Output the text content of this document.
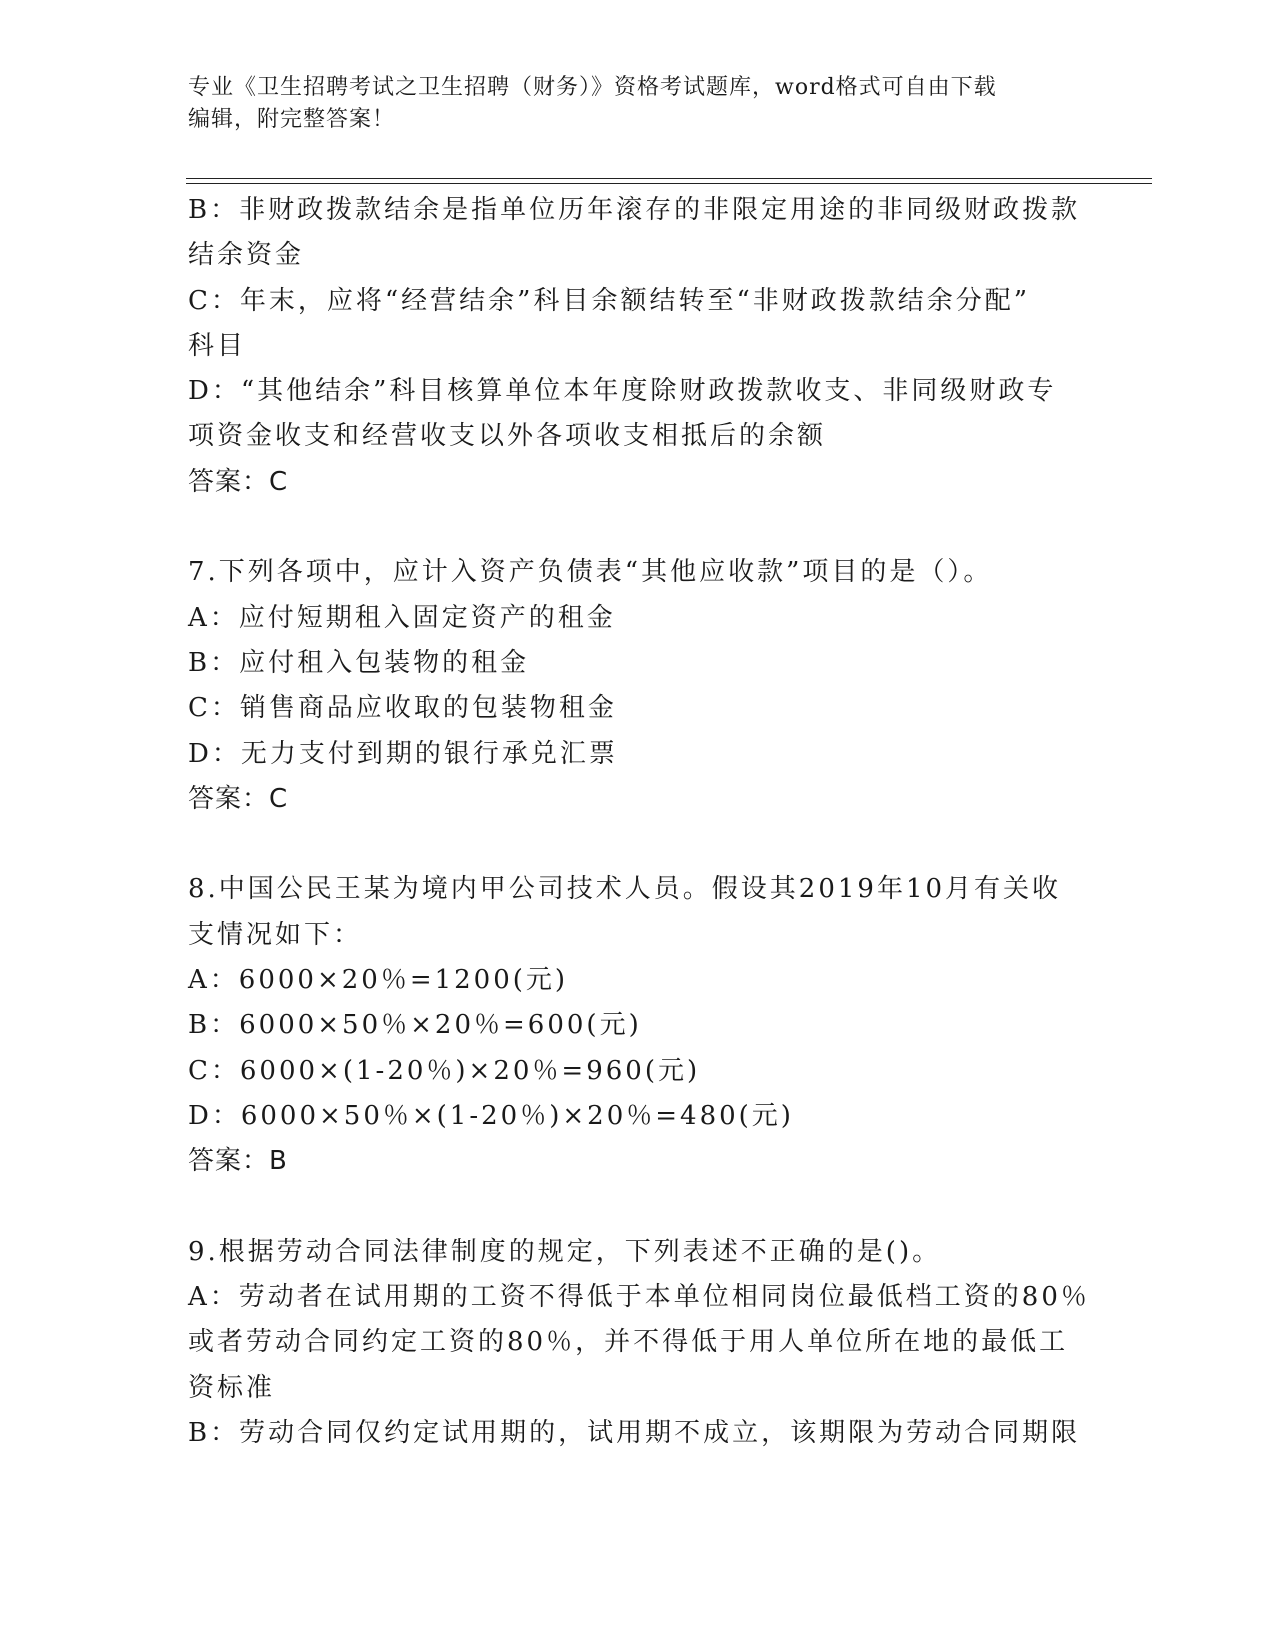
专业《卫生招聘考试之卫生招聘（财务）》资格考试题库，word格式可自由下载
编辑，附完整答案！
B：非财政拨款结余是指单位历年滚存的非限定用途的非同级财政拨款
结余资金
C：年末，应将“经营结余”科目余额结转至“非财政拨款结余分配”
科目
D：“其他结余”科目核算单位本年度除财政拨款收支、非同级财政专
项资金收支和经营收支以外各项收支相抵后的余额
答案：C
7.下列各项中，应计入资产负债表“其他应收款”项目的是（）。
A：应付短期租入固定资产的租金
B：应付租入包装物的租金
C：销售商品应收取的包装物租金
D：无力支付到期的银行承兑汇票
答案：C
8.中国公民王某为境内甲公司技术人员。假设其2019年10月有关收
支情况如下：
A：6000×20％=1200(元)
B：6000×50％×20％=600(元)
C：6000×(1-20％)×20％=960(元)
D：6000×50％×(1-20％)×20％=480(元)
答案：B
9.根据劳动合同法律制度的规定，下列表述不正确的是()。
A：劳动者在试用期的工资不得低于本单位相同岗位最低档工资的80％
或者劳动合同约定工资的80％，并不得低于用人单位所在地的最低工
资标准
B：劳动合同仅约定试用期的，试用期不成立，该期限为劳动合同期限
